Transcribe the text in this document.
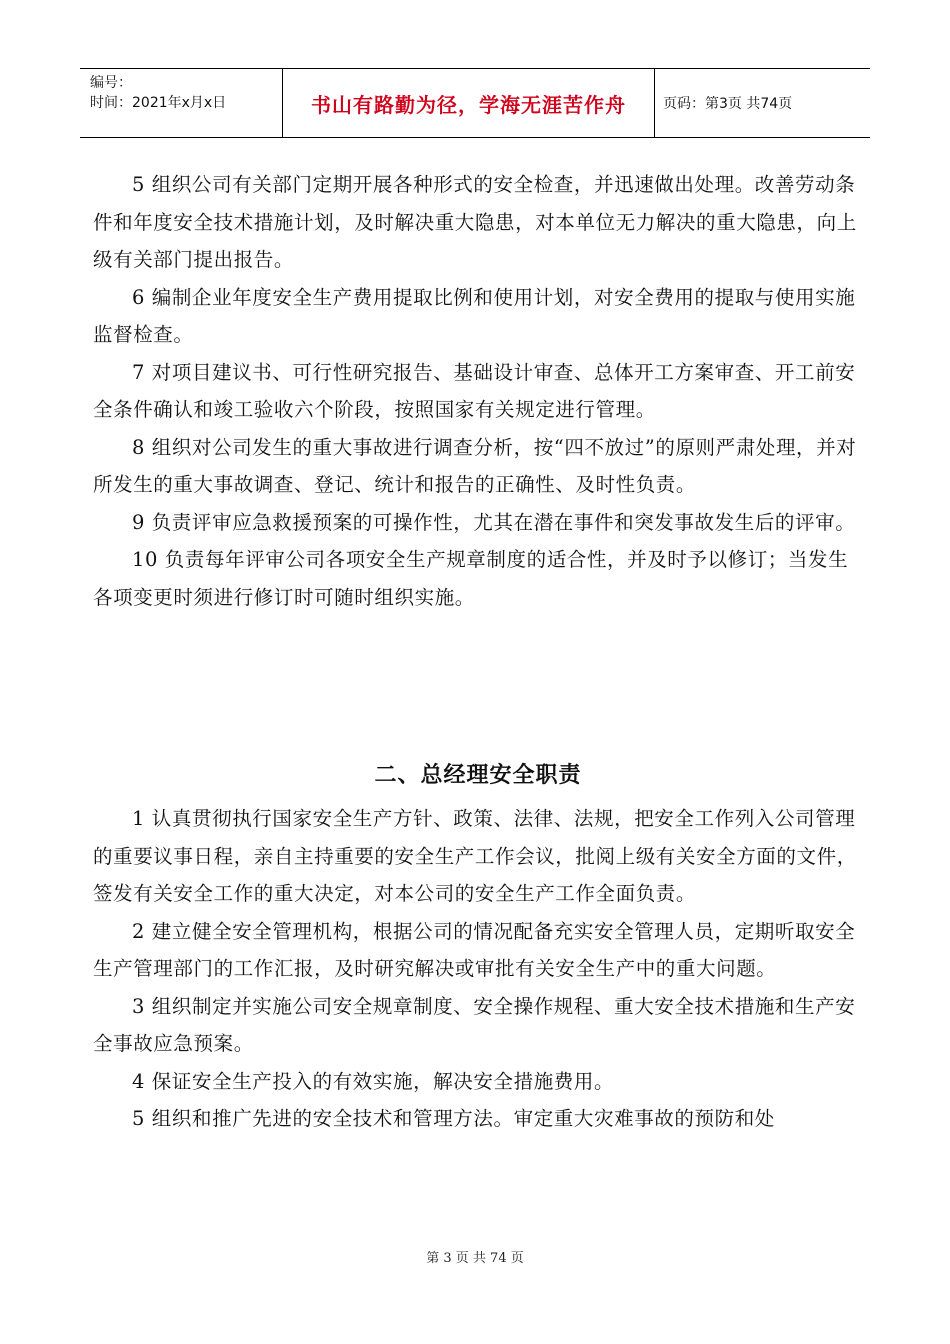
编号：
时间：2021年x月x日	书山有路勤为径，学海无涯苦作舟	页码：第3页 共74页

5 组织公司有关部门定期开展各种形式的安全检查，并迅速做出处理。改善劳动条件和年度安全技术措施计划，及时解决重大隐患，对本单位无力解决的重大隐患，向上级有关部门提出报告。

6 编制企业年度安全生产费用提取比例和使用计划，对安全费用的提取与使用实施监督检查。

7 对项目建议书、可行性研究报告、基础设计审查、总体开工方案审查、开工前安全条件确认和竣工验收六个阶段，按照国家有关规定进行管理。

8 组织对公司发生的重大事故进行调查分析，按“四不放过”的原则严肃处理，并对所发生的重大事故调查、登记、统计和报告的正确性、及时性负责。

9 负责评审应急救援预案的可操作性，尤其在潜在事件和突发事故发生后的评审。

10 负责每年评审公司各项安全生产规章制度的适合性，并及时予以修订；当发生各项变更时须进行修订时可随时组织实施。

二、总经理安全职责

1 认真贯彻执行国家安全生产方针、政策、法律、法规，把安全工作列入公司管理的重要议事日程，亲自主持重要的安全生产工作会议，批阅上级有关安全方面的文件，签发有关安全工作的重大决定，对本公司的安全生产工作全面负责。

2 建立健全安全管理机构，根据公司的情况配备充实安全管理人员，定期听取安全生产管理部门的工作汇报，及时研究解决或审批有关安全生产中的重大问题。

3 组织制定并实施公司安全规章制度、安全操作规程、重大安全技术措施和生产安全事故应急预案。

4 保证安全生产投入的有效实施，解决安全措施费用。

5 组织和推广先进的安全技术和管理方法。审定重大灾难事故的预防和处

第 3 页 共 74 页
